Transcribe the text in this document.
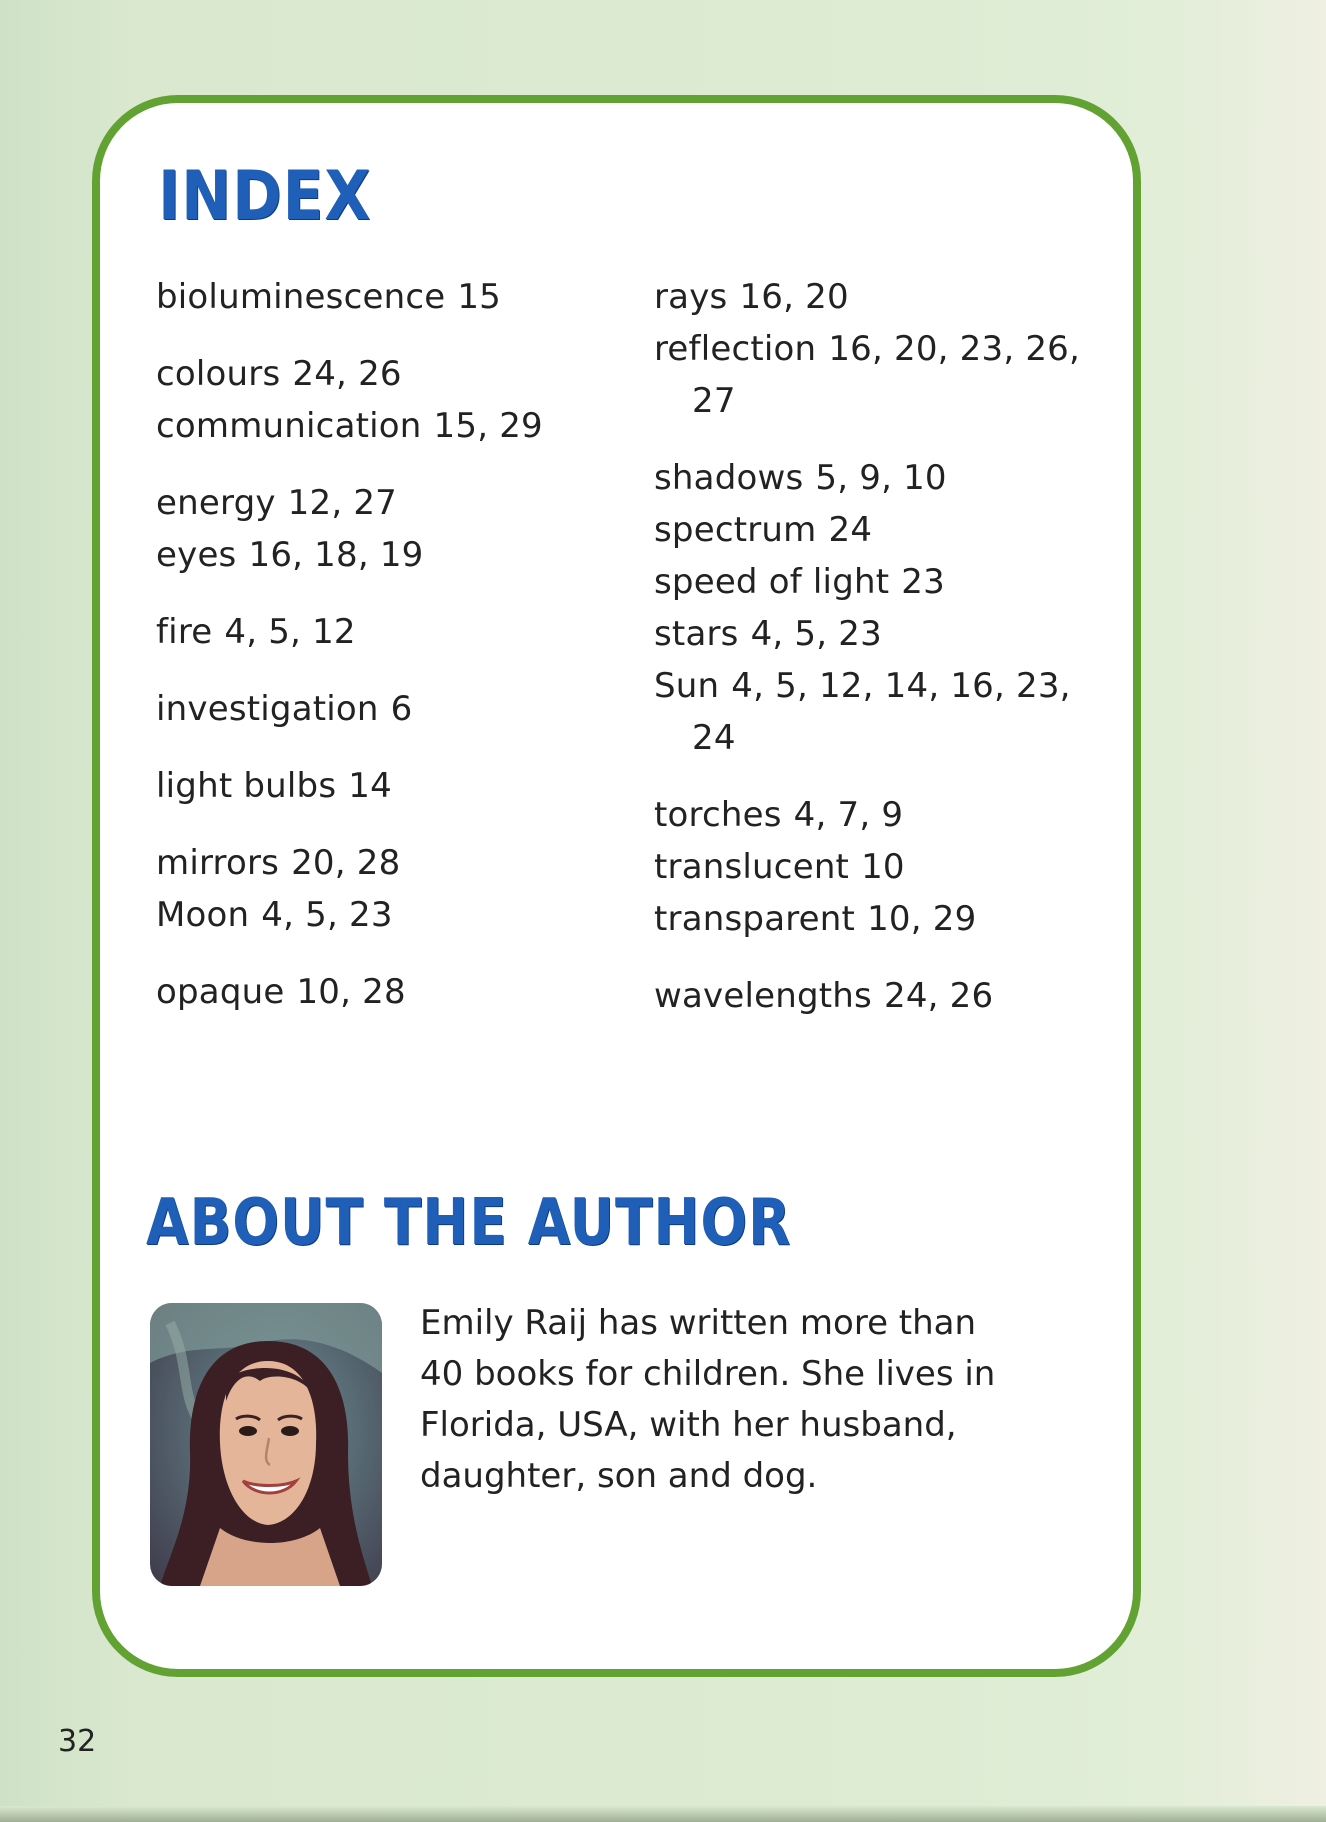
INDEX
bioluminescence 15
colours 24, 26
communication 15, 29
energy 12, 27
eyes 16, 18, 19
fire 4, 5, 12
investigation 6
light bulbs 14
mirrors 20, 28
Moon 4, 5, 23
opaque 10, 28
rays 16, 20
reflection 16, 20, 23, 26, 27
shadows 5, 9, 10
spectrum 24
speed of light 23
stars 4, 5, 23
Sun 4, 5, 12, 14, 16, 23, 24
torches 4, 7, 9
translucent 10
transparent 10, 29
wavelengths 24, 26
ABOUT THE AUTHOR

Emily Raij has written more than 40 books for children. She lives in Florida, USA, with her husband, daughter, son and dog.

32
